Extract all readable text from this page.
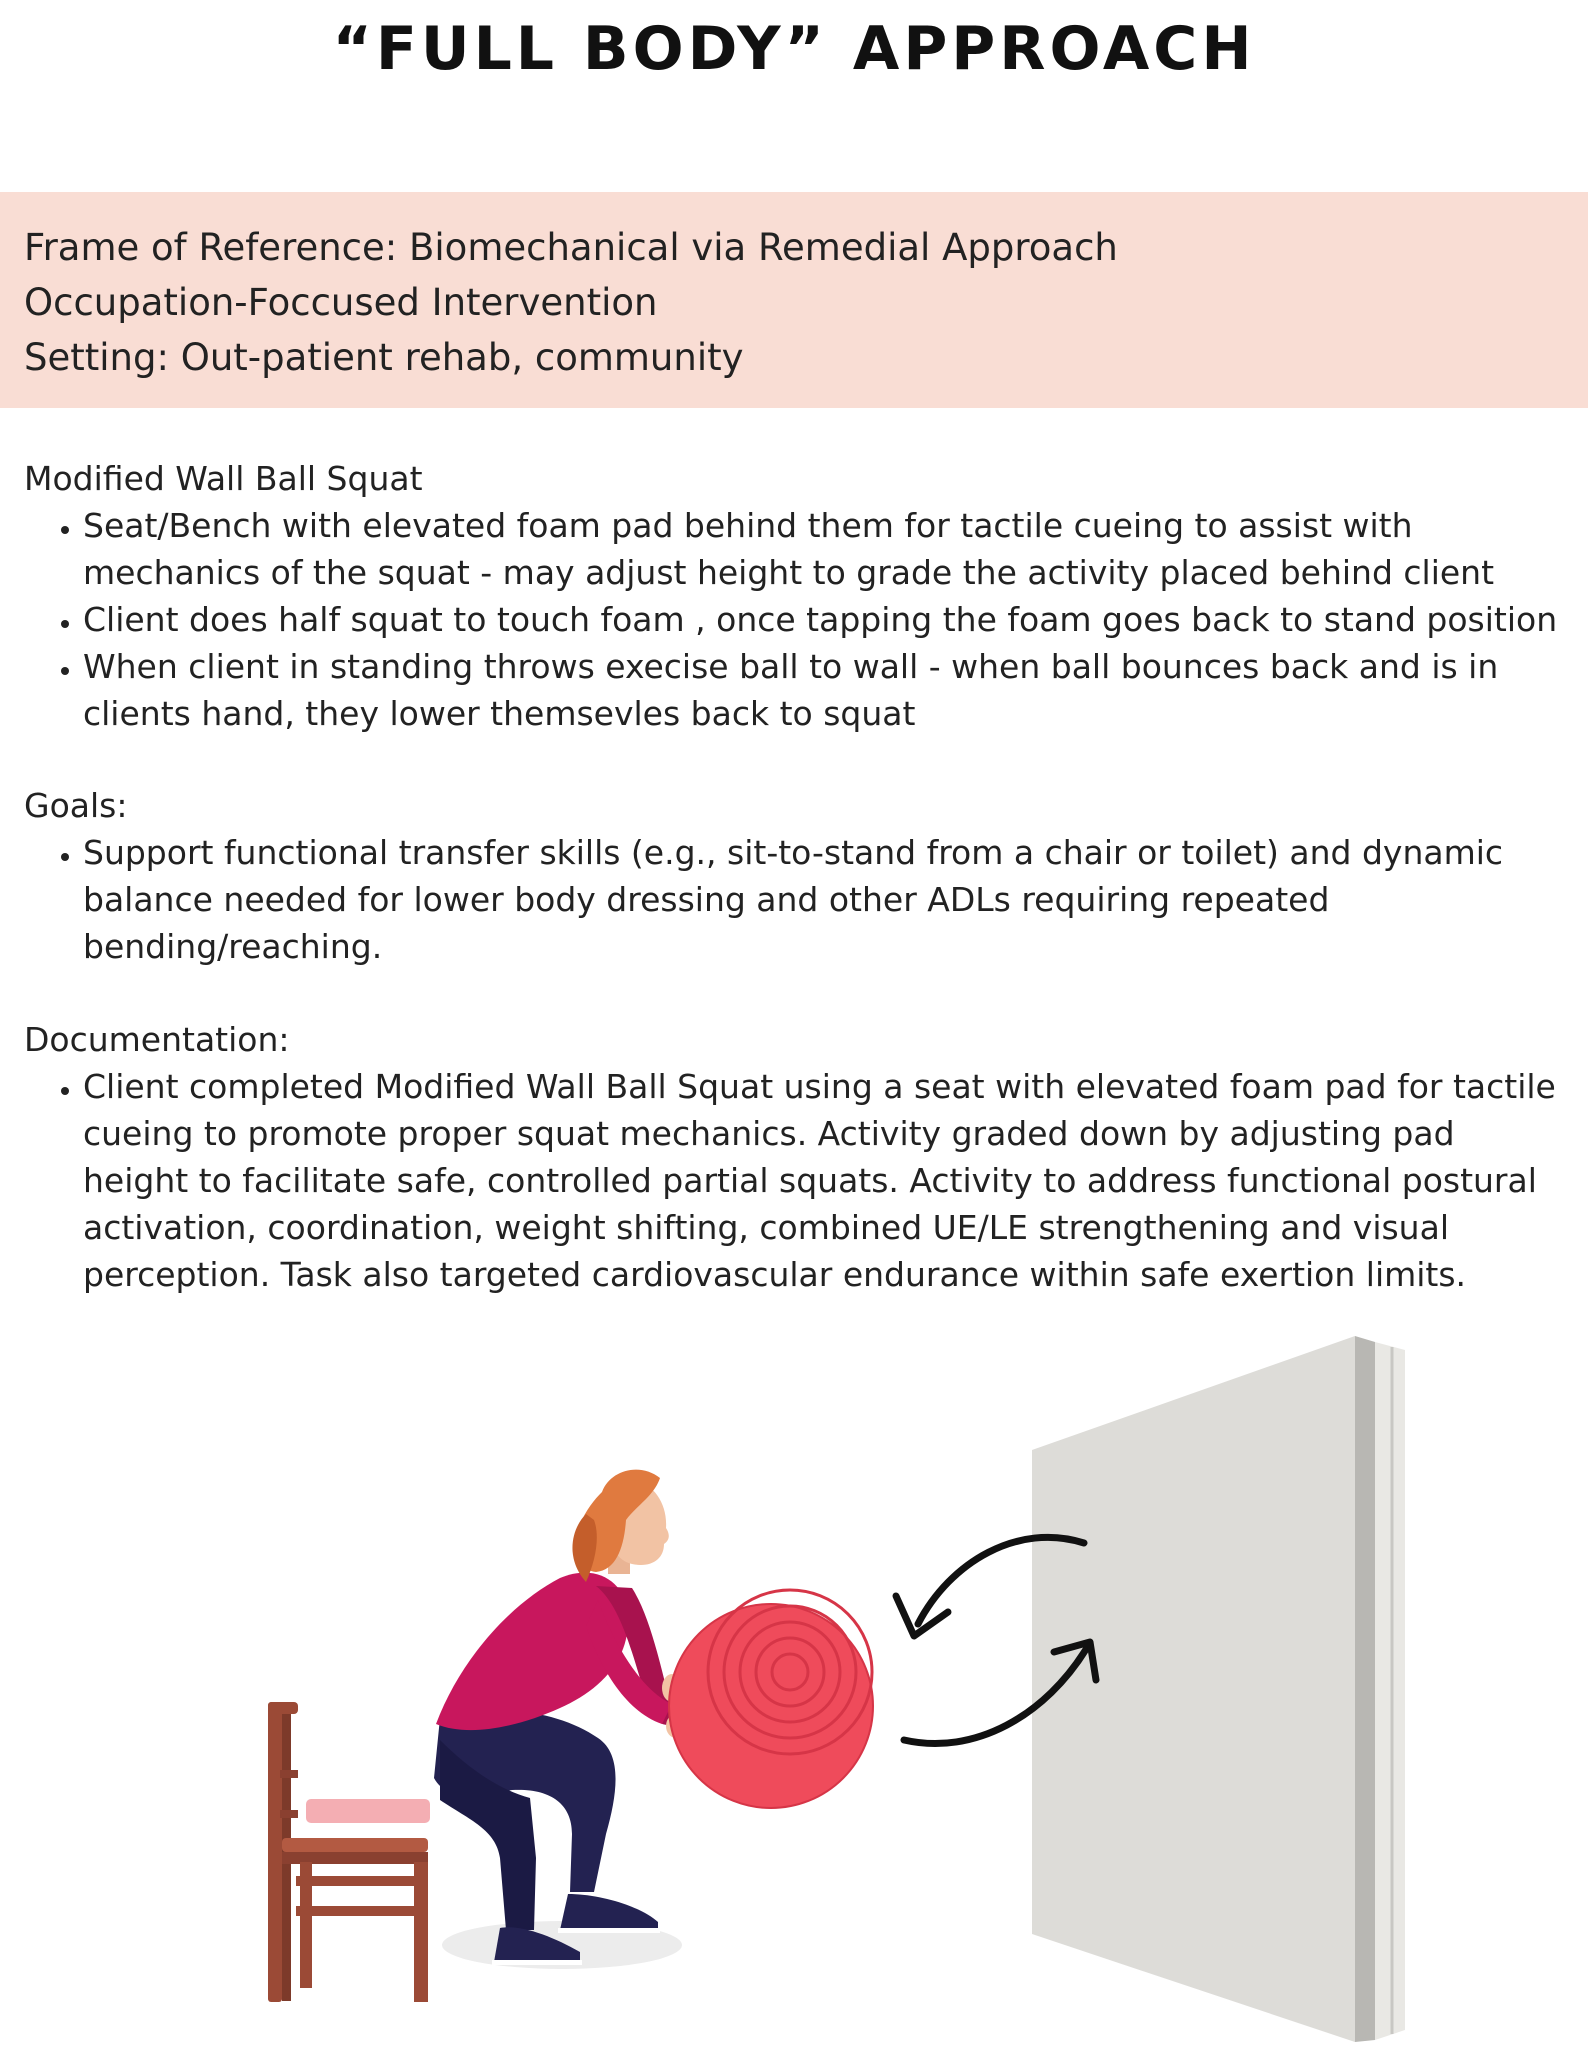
“FULL BODY” APPROACH

Frame of Reference: Biomechanical via Remedial Approach

Occupation-Foccused Intervention

Setting: Out-patient rehab, community

Modified Wall Ball Squat
• Seat/Bench with elevated foam pad behind them for tactile cueing to assist with mechanics of the squat - may adjust height to grade the activity placed behind client
• Client does half squat to touch foam , once tapping the foam goes back to stand position
• When client in standing throws execise ball to wall - when ball bounces back and is in clients hand, they lower themsevles back to squat
Goals:
• Support functional transfer skills (e.g., sit-to-stand from a chair or toilet) and dynamic balance needed for lower body dressing and other ADLs requiring repeated bending/reaching.
Documentation:
• Client completed Modified Wall Ball Squat using a seat with elevated foam pad for tactile cueing to promote proper squat mechanics. Activity graded down by adjusting pad height to facilitate safe, controlled partial squats. Activity to address functional postural activation, coordination, weight shifting, combined UE/LE strengthening and visual perception. Task also targeted cardiovascular endurance within safe exertion limits.
